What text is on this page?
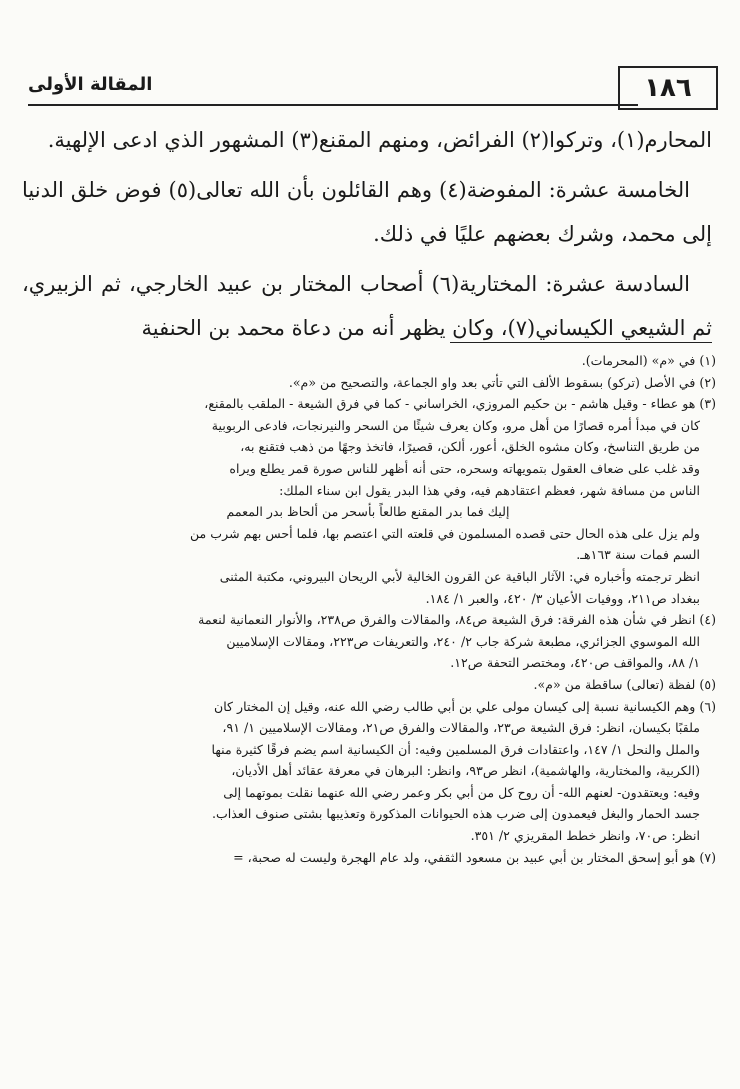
١٨٦
المقالة الأولى

المحارم(١)، وتركوا(٢) الفرائض، ومنهم المقنع(٣) المشهور الذي ادعى الإلهية.

الخامسة عشرة: المفوضة(٤) وهم القائلون بأن الله تعالى(٥) فوض خلق الدنيا إلى محمد، وشرك بعضهم عليًا في ذلك.

السادسة عشرة: المختارية(٦) أصحاب المختار بن عبيد الخارجي، ثم الزبيري، ثم الشيعي الكيساني(٧)، وكان يظهر أنه من دعاة محمد بن الحنفية

(١) في «م» (المحرمات).

(٢) في الأصل (تركو) بسقوط الألف التي تأتي بعد واو الجماعة، والتصحيح من «م».

(٣) هو عطاء - وقيل هاشم - بن حكيم المروزي، الخراساني - كما في فرق الشيعة - الملقب بالمقنع،

كان في مبدأ أمره قصارًا من أهل مرو، وكان يعرف شيئًا من السحر والنيرنجات، فادعى الربوبية

من طريق التناسخ، وكان مشوه الخلق، أعور، ألكن، قصيرًا، فاتخذ وجهًا من ذهب فتقنع به،

وقد غلب على ضعاف العقول بتمويهاته وسحره، حتى أنه أظهر للناس صورة قمر يطلع ويراه

الناس من مسافة شهر، فعظم اعتقادهم فيه، وفي هذا البدر يقول ابن سناء الملك:

إليك فما بدر المقنع طالعاً بأسحر من ألحاظ بدر المعمم

ولم يزل على هذه الحال حتى قصده المسلمون في قلعته التي اعتصم بها، فلما أحس بهم شرب من

السم فمات سنة ١٦٣هـ.

انظر ترجمته وأخباره في: الآثار الباقية عن القرون الخالية لأبي الريحان البيروني، مكتبة المثنى

ببغداد ص٢١١، ووفيات الأعيان ٣/ ٤٢٠، والعبر ١/ ١٨٤.

(٤) انظر في شأن هذه الفرقة: فرق الشيعة ص٨٤، والمقالات والفرق ص٢٣٨، والأنوار النعمانية لنعمة

الله الموسوي الجزائري، مطبعة شركة جاب ٢/ ٢٤٠، والتعريفات ص٢٢٣، ومقالات الإسلاميين

١/ ٨٨، والمواقف ص٤٢٠، ومختصر التحفة ص١٢.

(٥) لفظة (تعالى) ساقطة من «م».

(٦) وهم الكيسانية نسبة إلى كيسان مولى علي بن أبي طالب رضي الله عنه، وقيل إن المختار كان

ملقبًا بكيسان، انظر: فرق الشيعة ص٢٣، والمقالات والفرق ص٢١، ومقالات الإسلاميين ١/ ٩١،

والملل والنحل ١/ ١٤٧، واعتقادات فرق المسلمين وفيه: أن الكيسانية اسم يضم فرقًا كثيرة منها

(الكربية، والمختارية، والهاشمية)، انظر ص٩٣، وانظر: البرهان في معرفة عقائد أهل الأديان،

وفيه: ويعتقدون- لعنهم الله- أن روح كل من أبي بكر وعمر رضي الله عنهما نقلت بموتهما إلى

جسد الحمار والبغل فيعمدون إلى ضرب هذه الحيوانات المذكورة وتعذيبها بشتى صنوف العذاب.

انظر: ص٧٠، وانظر خطط المقريزي ٢/ ٣٥١.

(٧) هو أبو إسحق المختار بن أبي عبيد بن مسعود الثقفي، ولد عام الهجرة وليست له صحبة، =
